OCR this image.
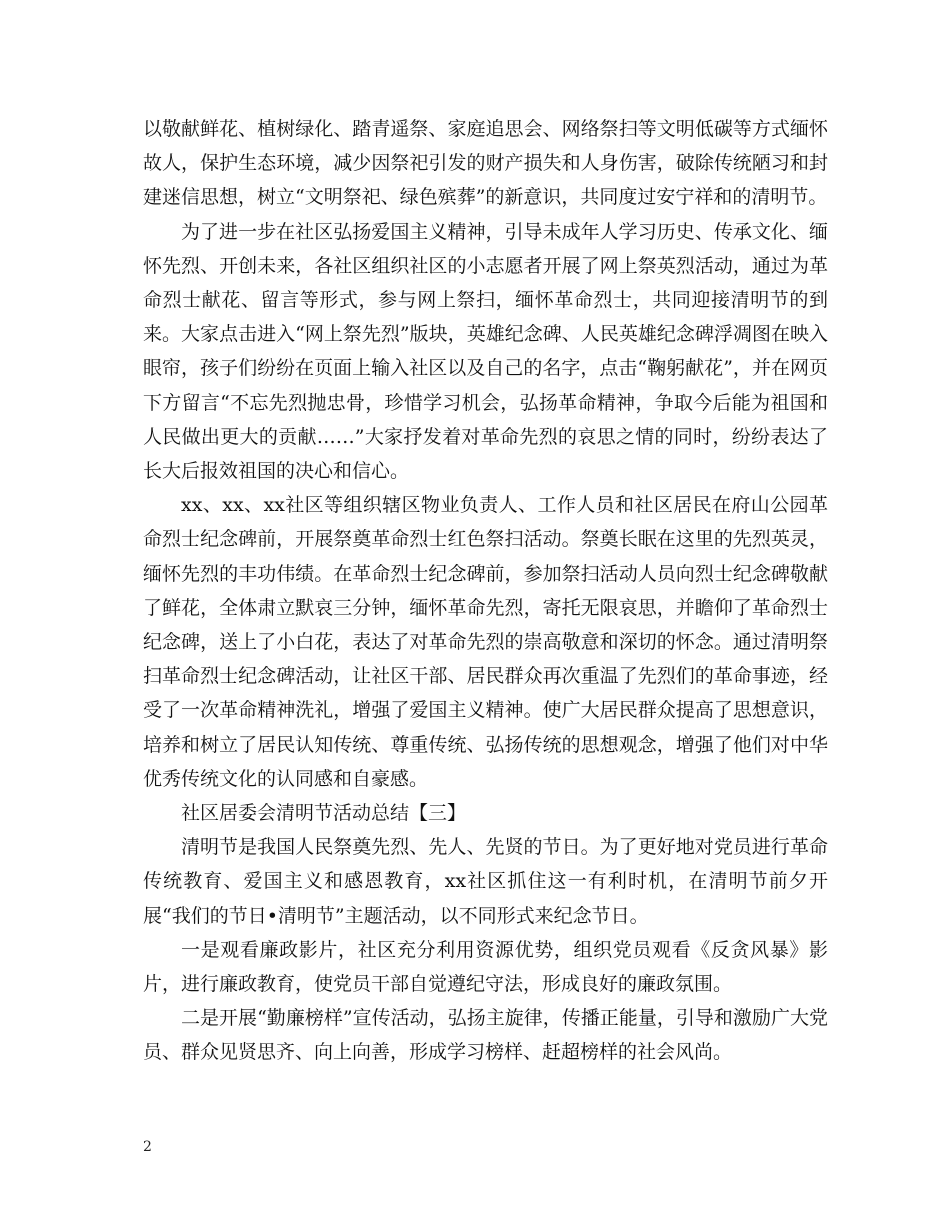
以敬献鲜花、植树绿化、踏青遥祭、家庭追思会、网络祭扫等文明低碳等方式缅怀故人，保护生态环境，减少因祭祀引发的财产损失和人身伤害，破除传统陋习和封建迷信思想，树立“文明祭祀、绿色殡葬”的新意识，共同度过安宁祥和的清明节。

为了进一步在社区弘扬爱国主义精神，引导未成年人学习历史、传承文化、缅怀先烈、开创未来，各社区组织社区的小志愿者开展了网上祭英烈活动，通过为革命烈士献花、留言等形式，参与网上祭扫，缅怀革命烈士，共同迎接清明节的到来。大家点击进入“网上祭先烈”版块，英雄纪念碑、人民英雄纪念碑浮凋图在映入眼帘，孩子们纷纷在页面上输入社区以及自己的名字，点击“鞠躬献花”，并在网页下方留言“不忘先烈抛忠骨，珍惜学习机会，弘扬革命精神，争取今后能为祖国和人民做出更大的贡献……”大家抒发着对革命先烈的哀思之情的同时，纷纷表达了长大后报效祖国的决心和信心。

xx、xx、xx社区等组织辖区物业负责人、工作人员和社区居民在府山公园革命烈士纪念碑前，开展祭奠革命烈士红色祭扫活动。祭奠长眠在这里的先烈英灵，缅怀先烈的丰功伟绩。在革命烈士纪念碑前，参加祭扫活动人员向烈士纪念碑敬献了鲜花，全体肃立默哀三分钟，缅怀革命先烈，寄托无限哀思，并瞻仰了革命烈士纪念碑，送上了小白花，表达了对革命先烈的崇高敬意和深切的怀念。通过清明祭扫革命烈士纪念碑活动，让社区干部、居民群众再次重温了先烈们的革命事迹，经受了一次革命精神洗礼，增强了爱国主义精神。使广大居民群众提高了思想意识，培养和树立了居民认知传统、尊重传统、弘扬传统的思想观念，增强了他们对中华优秀传统文化的认同感和自豪感。

社区居委会清明节活动总结【三】

清明节是我国人民祭奠先烈、先人、先贤的节日。为了更好地对党员进行革命传统教育、爱国主义和感恩教育，xx社区抓住这一有利时机，在清明节前夕开展“我们的节日•清明节”主题活动，以不同形式来纪念节日。

一是观看廉政影片，社区充分利用资源优势，组织党员观看《反贪风暴》影片，进行廉政教育，使党员干部自觉遵纪守法，形成良好的廉政氛围。

二是开展“勤廉榜样”宣传活动，弘扬主旋律，传播正能量，引导和激励广大党员、群众见贤思齐、向上向善，形成学习榜样、赶超榜样的社会风尚。

2
